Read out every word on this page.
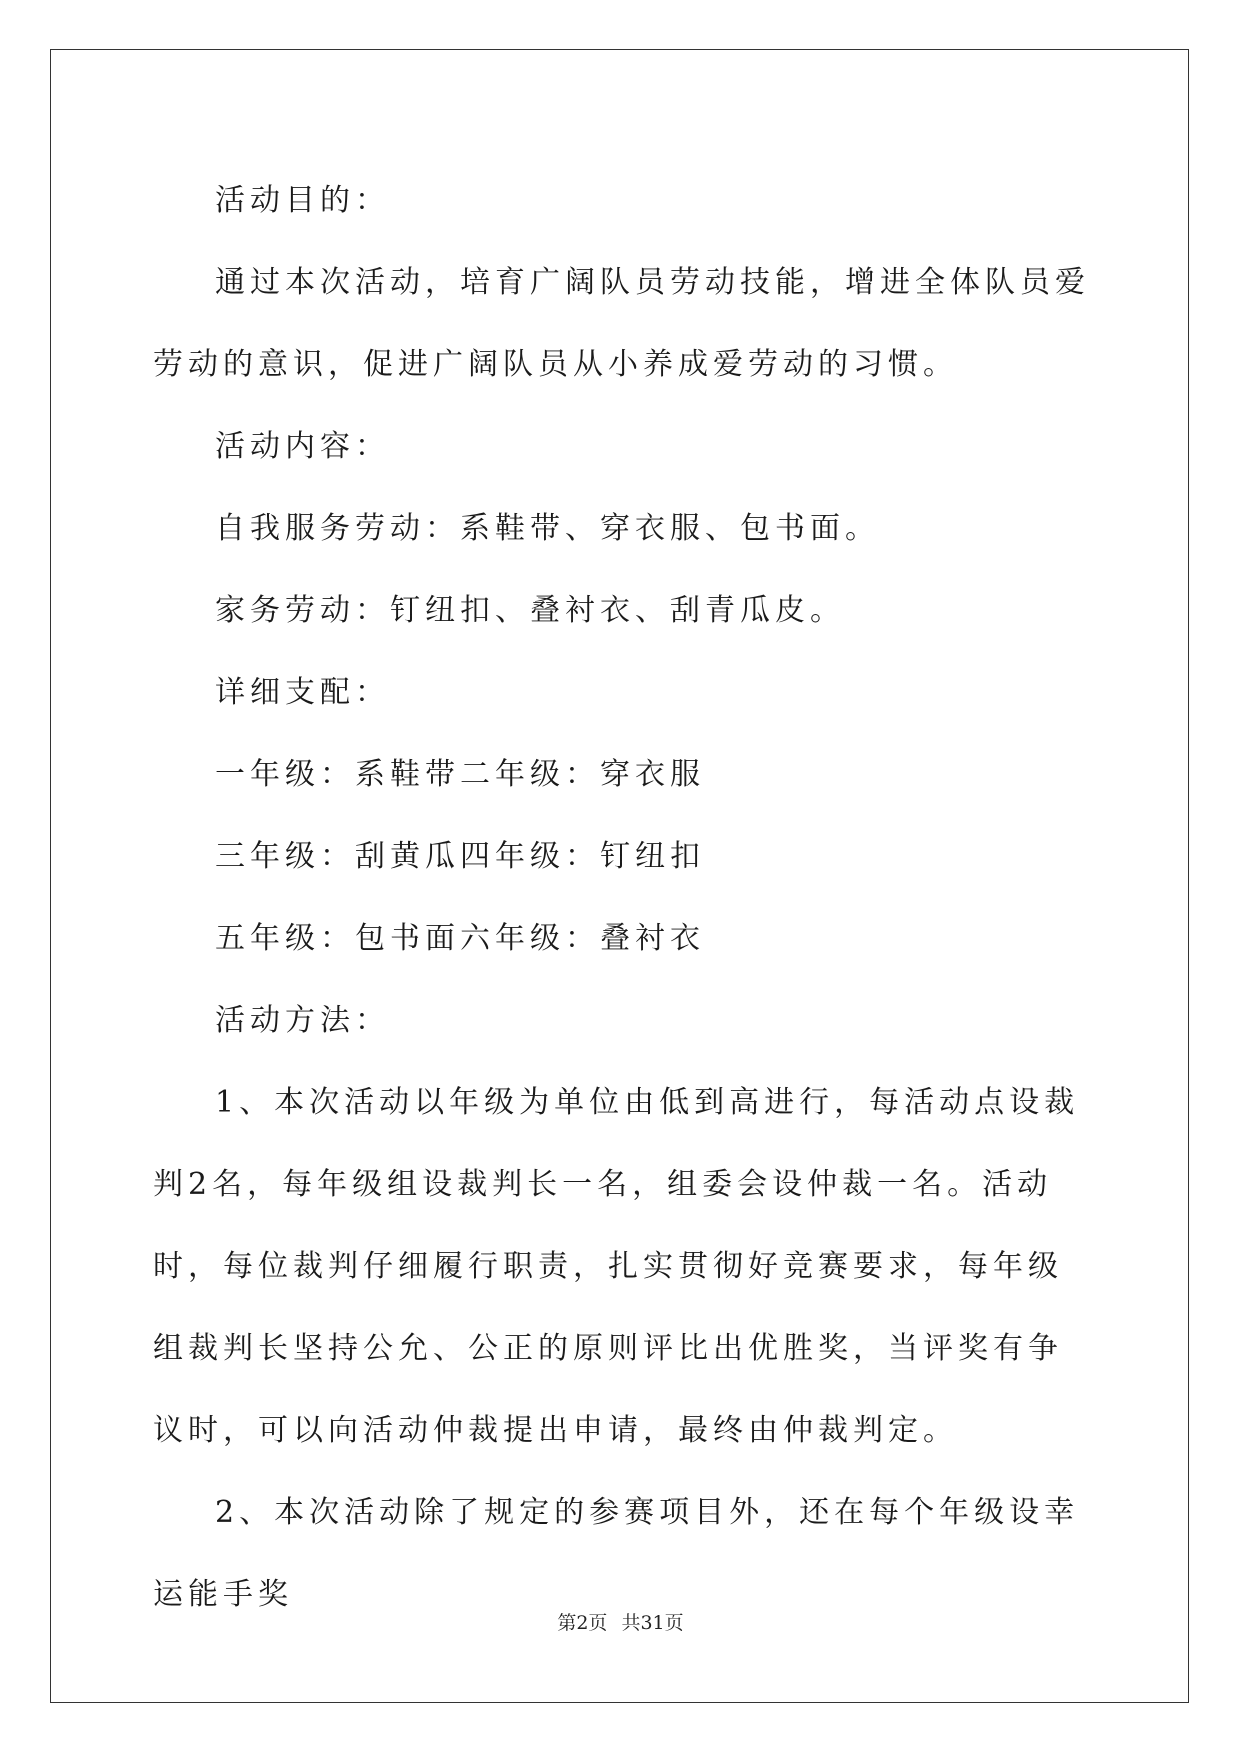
活动目的：

通过本次活动，培育广阔队员劳动技能，增进全体队员爱劳动的意识，促进广阔队员从小养成爱劳动的习惯。

活动内容：

自我服务劳动：系鞋带、穿衣服、包书面。

家务劳动：钉纽扣、叠衬衣、刮青瓜皮。

详细支配：

一年级：系鞋带二年级：穿衣服

三年级：刮黄瓜四年级：钉纽扣

五年级：包书面六年级：叠衬衣

活动方法：

1、本次活动以年级为单位由低到高进行，每活动点设裁判2名，每年级组设裁判长一名，组委会设仲裁一名。活动时，每位裁判仔细履行职责，扎实贯彻好竞赛要求，每年级组裁判长坚持公允、公正的原则评比出优胜奖，当评奖有争议时，可以向活动仲裁提出申请，最终由仲裁判定。

2、本次活动除了规定的参赛项目外，还在每个年级设幸运能手奖

第2页 共31页
